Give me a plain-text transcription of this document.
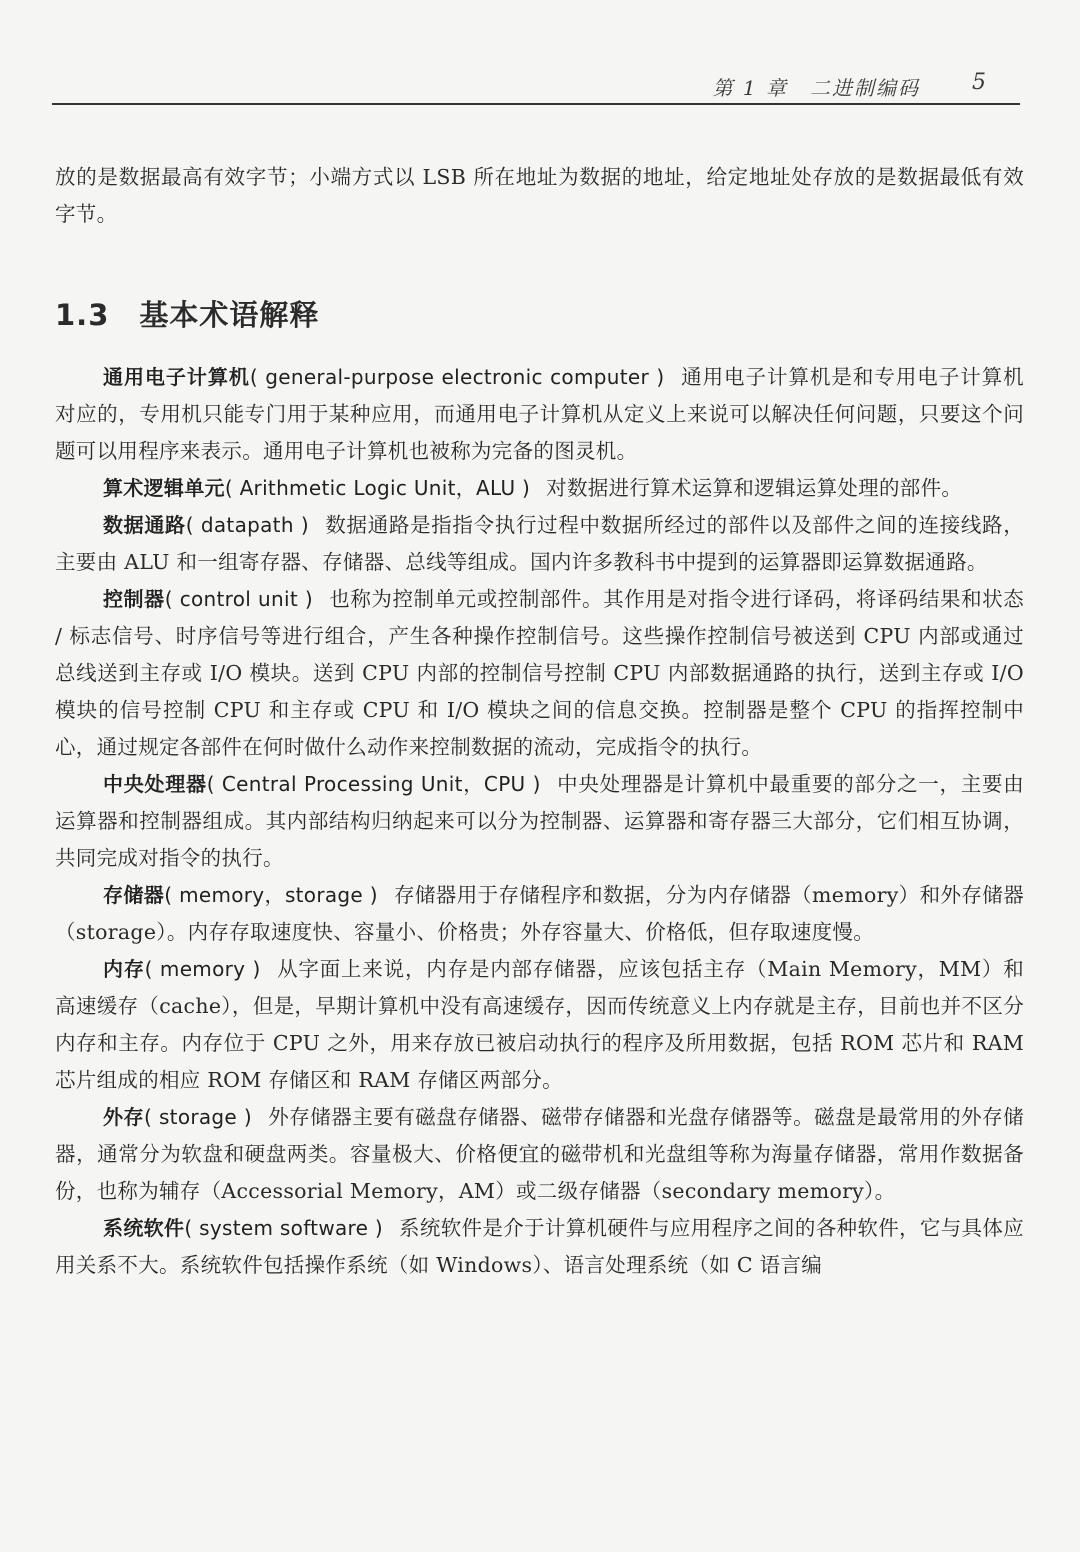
第 1 章　二进制编码 5

放的是数据最高有效字节；小端方式以 LSB 所在地址为数据的地址，给定地址处存放的是数据最低有效字节。

1.3 基本术语解释

通用电子计算机( general-purpose electronic computer ) 通用电子计算机是和专用电子计算机对应的，专用机只能专门用于某种应用，而通用电子计算机从定义上来说可以解决任何问题，只要这个问题可以用程序来表示。通用电子计算机也被称为完备的图灵机。

算术逻辑单元( Arithmetic Logic Unit，ALU ) 对数据进行算术运算和逻辑运算处理的部件。

数据通路( datapath ) 数据通路是指指令执行过程中数据所经过的部件以及部件之间的连接线路，主要由 ALU 和一组寄存器、存储器、总线等组成。国内许多教科书中提到的运算器即运算数据通路。

控制器( control unit ) 也称为控制单元或控制部件。其作用是对指令进行译码，将译码结果和状态 / 标志信号、时序信号等进行组合，产生各种操作控制信号。这些操作控制信号被送到 CPU 内部或通过总线送到主存或 I/O 模块。送到 CPU 内部的控制信号控制 CPU 内部数据通路的执行，送到主存或 I/O 模块的信号控制 CPU 和主存或 CPU 和 I/O 模块之间的信息交换。控制器是整个 CPU 的指挥控制中心，通过规定各部件在何时做什么动作来控制数据的流动，完成指令的执行。

中央处理器( Central Processing Unit，CPU ) 中央处理器是计算机中最重要的部分之一，主要由运算器和控制器组成。其内部结构归纳起来可以分为控制器、运算器和寄存器三大部分，它们相互协调，共同完成对指令的执行。

存储器( memory，storage ) 存储器用于存储程序和数据，分为内存储器（memory）和外存储器（storage）。内存存取速度快、容量小、价格贵；外存容量大、价格低，但存取速度慢。

内存( memory ) 从字面上来说，内存是内部存储器，应该包括主存（Main Memory，MM）和高速缓存（cache），但是，早期计算机中没有高速缓存，因而传统意义上内存就是主存，目前也并不区分内存和主存。内存位于 CPU 之外，用来存放已被启动执行的程序及所用数据，包括 ROM 芯片和 RAM 芯片组成的相应 ROM 存储区和 RAM 存储区两部分。

外存( storage ) 外存储器主要有磁盘存储器、磁带存储器和光盘存储器等。磁盘是最常用的外存储器，通常分为软盘和硬盘两类。容量极大、价格便宜的磁带机和光盘组等称为海量存储器，常用作数据备份，也称为辅存（Accessorial Memory，AM）或二级存储器（secondary memory）。

系统软件( system software ) 系统软件是介于计算机硬件与应用程序之间的各种软件，它与具体应用关系不大。系统软件包括操作系统（如 Windows）、语言处理系统（如 C 语言编
